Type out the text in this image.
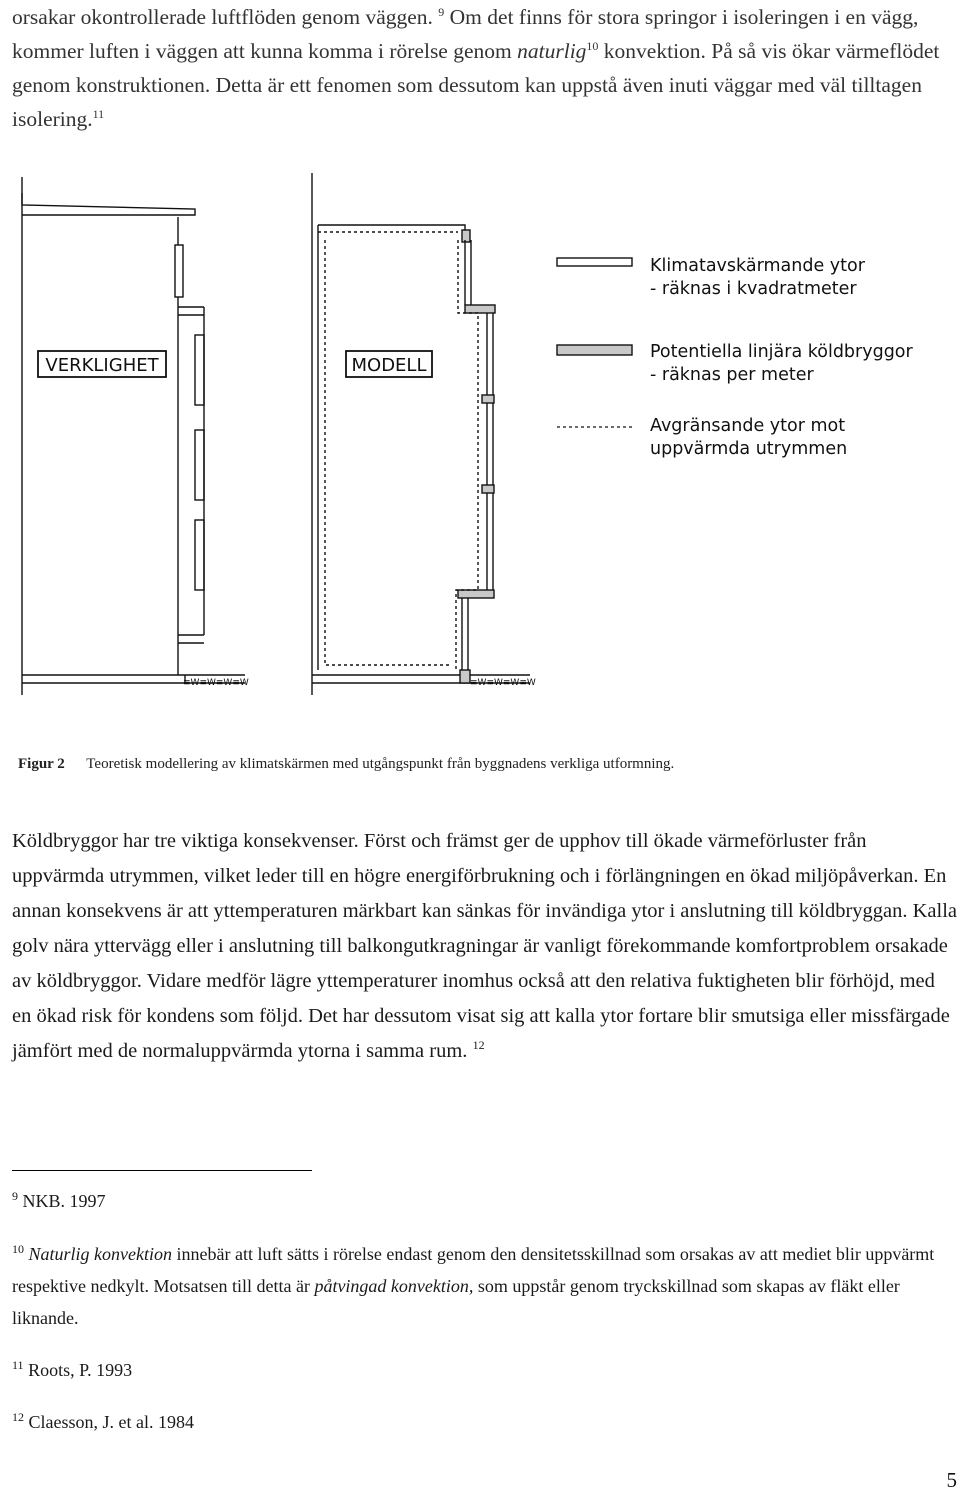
orsakar okontrollerade luftflöden genom väggen. $^9$ Om det finns för stora springor i isoleringen i en vägg, kommer luften i väggen att kunna komma i rörelse genom naturlig$^{10}$ konvektion. På så vis ökar värmeflödet genom konstruktionen. Detta är ett fenomen som dessutom kan uppstå även inuti väggar med väl tilltagen isolering.$^{11}$

≡W≡W≡W≡W	≡W≡W≡W≡W
VERKLIGHET	MODELL
Klimatavskärmande ytor
- räknas i kvadratmeter
Potentiella linjära köldbryggor
- räknas per meter
Avgränsande ytor mot
uppvärmda utrymmen
Figur 2 Teoretisk modellering av klimatskärmen med utgångspunkt från byggnadens verkliga utformning.

Köldbryggor har tre viktiga konsekvenser. Först och främst ger de upphov till ökade värmeförluster från uppvärmda utrymmen, vilket leder till en högre energiförbrukning och i förlängningen en ökad miljöpåverkan. En annan konsekvens är att yttemperaturen märkbart kan sänkas för invändiga ytor i anslutning till köldbryggan. Kalla golv nära yttervägg eller i anslutning till balkongutkragningar är vanligt förekommande komfortproblem orsakade av köldbryggor. Vidare medför lägre yttemperaturer inomhus också att den relativa fuktigheten blir förhöjd, med en ökad risk för kondens som följd. Det har dessutom visat sig att kalla ytor fortare blir smutsiga eller missfärgade jämfört med de normaluppvärmda ytorna i samma rum. $^{12}$

$^9$ NKB. 1997
$^{10}$ Naturlig konvektion innebär att luft sätts i rörelse endast genom den densitetsskillnad som orsakas av att mediet blir uppvärmt respektive nedkylt. Motsatsen till detta är påtvingad konvektion, som uppstår genom tryckskillnad som skapas av fläkt eller liknande.
$^{11}$ Roots, P. 1993
$^{12}$ Claesson, J. et al. 1984
5
